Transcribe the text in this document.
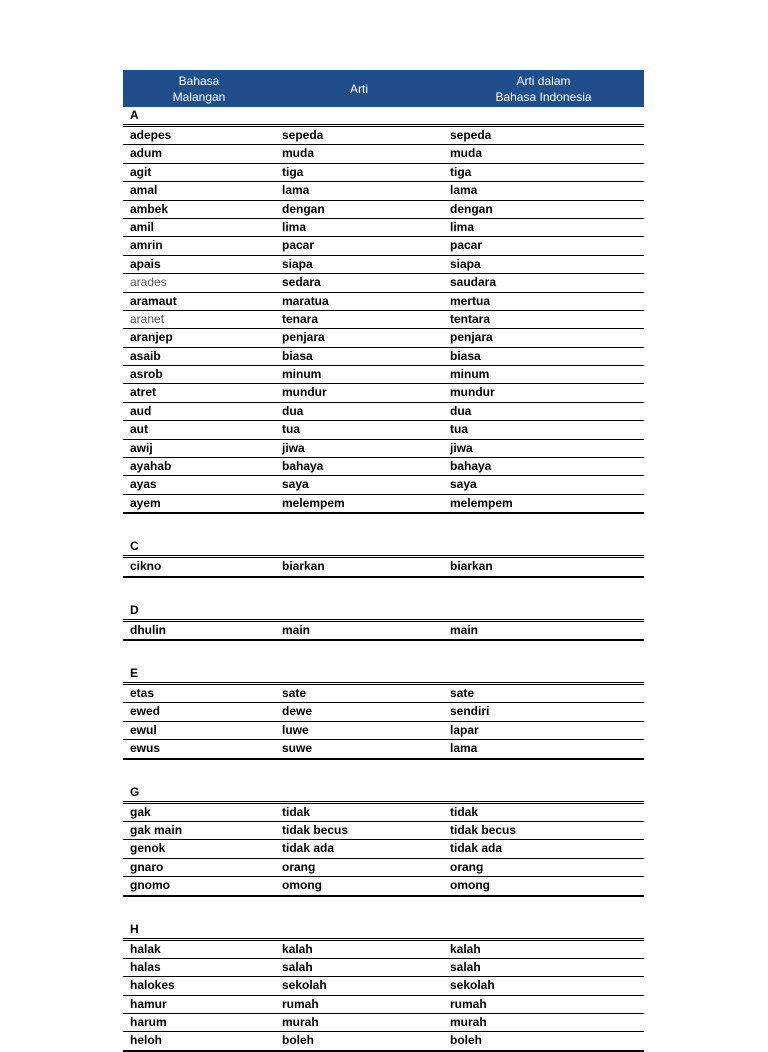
Bahasa
Malangan
Arti
Arti dalam
Bahasa Indonesia
A
adepes	sepeda	sepeda
adum	muda	muda
agit	tiga	tiga
amal	lama	lama
ambek	dengan	dengan
amil	lima	lima
amrin	pacar	pacar
apais	siapa	siapa
arades	sedara	saudara
aramaut	maratua	mertua
aranet	tenara	tentara
aranjep	penjara	penjara
asaib	biasa	biasa
asrob	minum	minum
atret	mundur	mundur
aud	dua	dua
aut	tua	tua
awij	jiwa	jiwa
ayahab	bahaya	bahaya
ayas	saya	saya
ayem	melempem	melempem
C
cikno	biarkan	biarkan
D
dhulin	main	main
E
etas	sate	sate
ewed	dewe	sendiri
ewul	luwe	lapar
ewus	suwe	lama
G
gak	tidak	tidak
gak main	tidak becus	tidak becus
genok	tidak ada	tidak ada
gnaro	orang	orang
gnomo	omong	omong
H
halak	kalah	kalah
halas	salah	salah
halokes	sekolah	sekolah
hamur	rumah	rumah
harum	murah	murah
heloh	boleh	boleh
